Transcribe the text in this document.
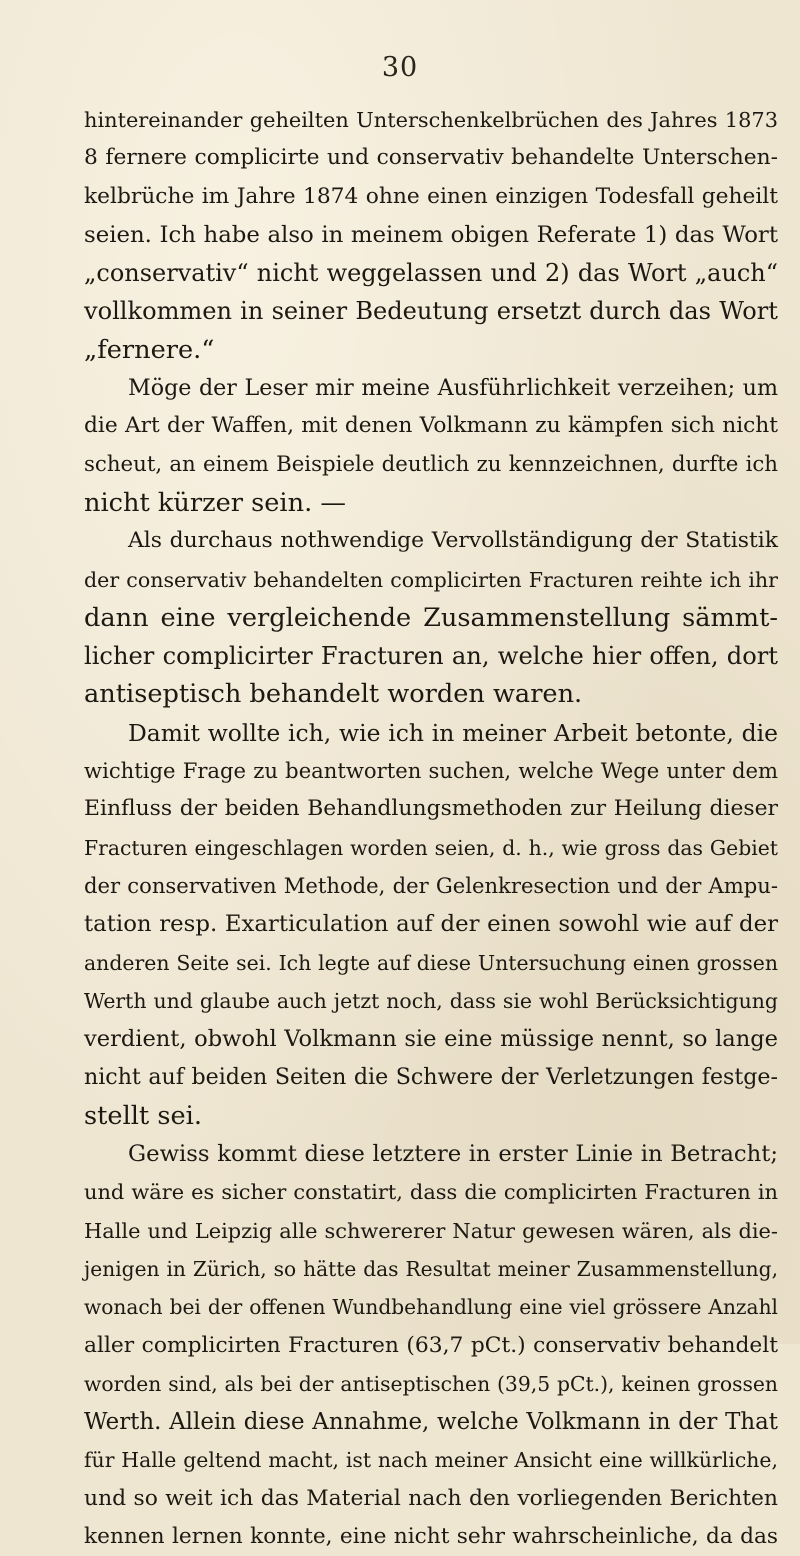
30
hintereinander geheilten Unterschenkelbrüchen des Jahres 1873
8 fernere complicirte und conservativ behandelte Unterschen-
kelbrüche im Jahre 1874 ohne einen einzigen Todesfall geheilt
seien. Ich habe also in meinem obigen Referate 1) das Wort
„conservativ“ nicht weggelassen und 2) das Wort „auch“
vollkommen in seiner Bedeutung ersetzt durch das Wort
„fernere.“
Möge der Leser mir meine Ausführlichkeit verzeihen; um
die Art der Waffen, mit denen Volkmann zu kämpfen sich nicht
scheut, an einem Beispiele deutlich zu kennzeichnen, durfte ich
nicht kürzer sein. —
Als durchaus nothwendige Vervollständigung der Statistik
der conservativ behandelten complicirten Fracturen reihte ich ihr
dann eine vergleichende Zusammenstellung sämmt-
licher complicirter Fracturen an, welche hier offen, dort
antiseptisch behandelt worden waren.
Damit wollte ich, wie ich in meiner Arbeit betonte, die
wichtige Frage zu beantworten suchen, welche Wege unter dem
Einfluss der beiden Behandlungsmethoden zur Heilung dieser
Fracturen eingeschlagen worden seien, d. h., wie gross das Gebiet
der conservativen Methode, der Gelenkresection und der Ampu-
tation resp. Exarticulation auf der einen sowohl wie auf der
anderen Seite sei. Ich legte auf diese Untersuchung einen grossen
Werth und glaube auch jetzt noch, dass sie wohl Berücksichtigung
verdient, obwohl Volkmann sie eine müssige nennt, so lange
nicht auf beiden Seiten die Schwere der Verletzungen festge-
stellt sei.
Gewiss kommt diese letztere in erster Linie in Betracht;
und wäre es sicher constatirt, dass die complicirten Fracturen in
Halle und Leipzig alle schwererer Natur gewesen wären, als die-
jenigen in Zürich, so hätte das Resultat meiner Zusammenstellung,
wonach bei der offenen Wundbehandlung eine viel grössere Anzahl
aller complicirten Fracturen (63,7 pCt.) conservativ behandelt
worden sind, als bei der antiseptischen (39,5 pCt.), keinen grossen
Werth. Allein diese Annahme, welche Volkmann in der That
für Halle geltend macht, ist nach meiner Ansicht eine willkürliche,
und so weit ich das Material nach den vorliegenden Berichten
kennen lernen konnte, eine nicht sehr wahrscheinliche, da das
